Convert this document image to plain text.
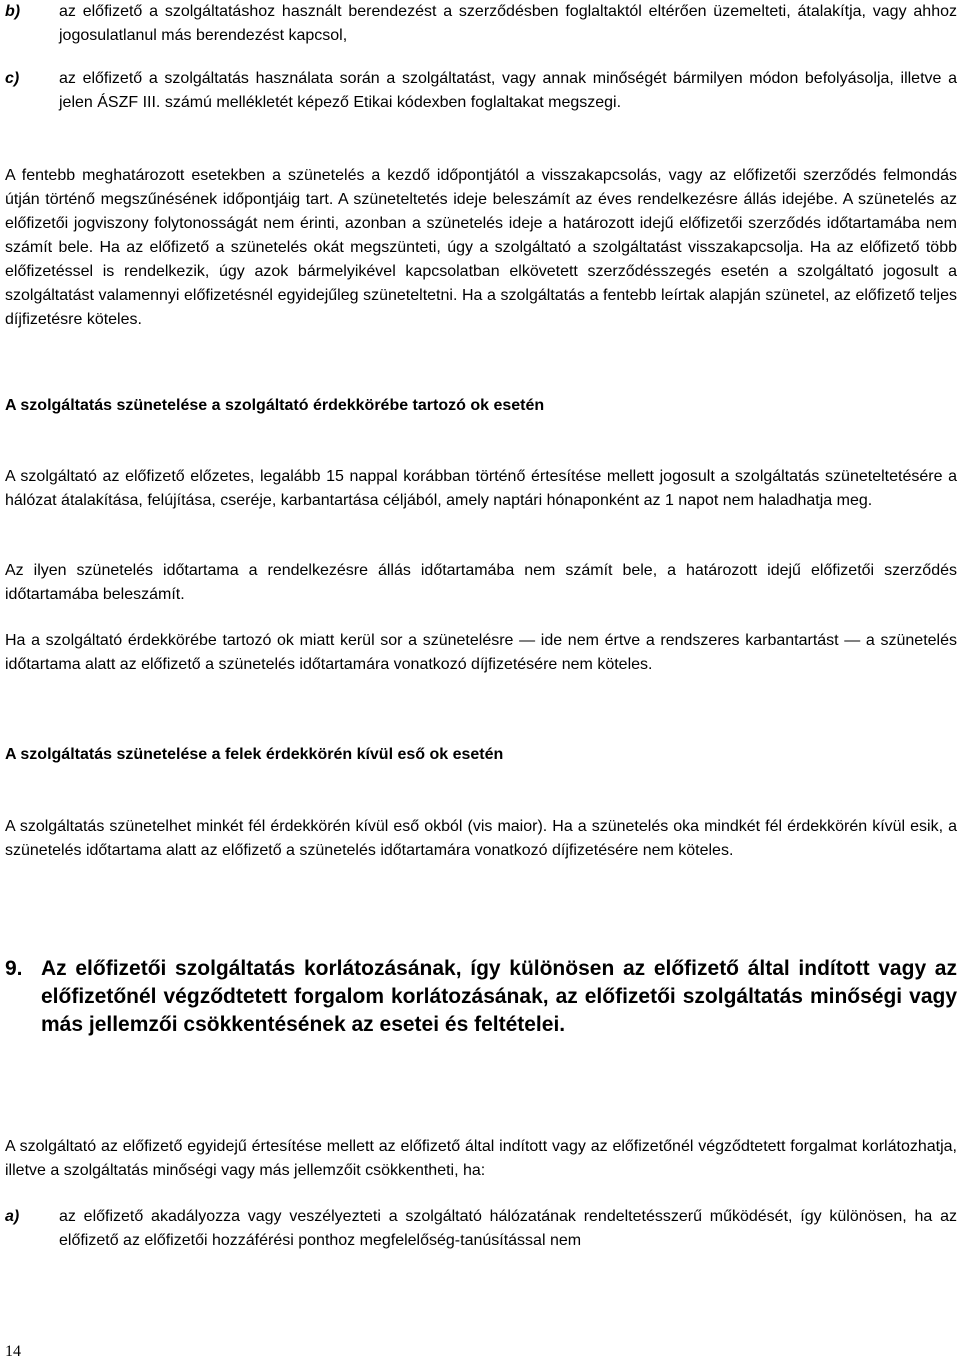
b) az előfizető a szolgáltatáshoz használt berendezést a szerződésben foglaltaktól eltérően üzemelteti, átalakítja, vagy ahhoz jogosulatlanul más berendezést kapcsol,
c) az előfizető a szolgáltatás használata során a szolgáltatást, vagy annak minőségét bármilyen módon befolyásolja, illetve a jelen ÁSZF III. számú mellékletét képező Etikai kódexben foglaltakat megszegi.
A fentebb meghatározott esetekben a szünetelés a kezdő időpontjától a visszakapcsolás, vagy az előfizetői szerződés felmondás útján történő megszűnésének időpontjáig tart. A szüneteltetés ideje beleszámít az éves rendelkezésre állás idejébe. A szünetelés az előfizetői jogviszony folytonosságát nem érinti, azonban a szünetelés ideje a határozott idejű előfizetői szerződés időtartamába nem számít bele. Ha az előfizető a szünetelés okát megszünteti, úgy a szolgáltató a szolgáltatást visszakapcsolja. Ha az előfizető több előfizetéssel is rendelkezik, úgy azok bármelyikével kapcsolatban elkövetett szerződésszegés esetén a szolgáltató jogosult a szolgáltatást valamennyi előfizetésnél egyidejűleg szüneteltetni. Ha a szolgáltatás a fentebb leírtak alapján szünetel, az előfizető teljes díjfizetésre köteles.
A szolgáltatás szünetelése a szolgáltató érdekkörébe tartozó ok esetén
A szolgáltató az előfizető előzetes, legalább 15 nappal korábban történő értesítése mellett jogosult a szolgáltatás szüneteltetésére a hálózat átalakítása, felújítása, cseréje, karbantartása céljából, amely naptári hónaponként az 1 napot nem haladhatja meg.
Az ilyen szünetelés időtartama a rendelkezésre állás időtartamába nem számít bele, a határozott idejű előfizetői szerződés időtartamába beleszámít.
Ha a szolgáltató érdekkörébe tartozó ok miatt kerül sor a szünetelésre — ide nem értve a rendszeres karbantartást — a szünetelés időtartama alatt az előfizető a szünetelés időtartamára vonatkozó díjfizetésére nem köteles.
A szolgáltatás szünetelése a felek érdekkörén kívül eső ok esetén
A szolgáltatás szünetelhet minkét fél érdekkörén kívül eső okból (vis maior). Ha a szünetelés oka mindkét fél érdekkörén kívül esik, a szünetelés időtartama alatt az előfizető a szünetelés időtartamára vonatkozó díjfizetésére nem köteles.
9. Az előfizetői szolgáltatás korlátozásának, így különösen az előfizető által indított vagy az előfizetőnél végződtetett forgalom korlátozásának, az előfizetői szolgáltatás minőségi vagy más jellemzői csökkentésének az esetei és feltételei.
A szolgáltató az előfizető egyidejű értesítése mellett az előfizető által indított vagy az előfizetőnél végződtetett forgalmat korlátozhatja, illetve a szolgáltatás minőségi vagy más jellemzőit csökkentheti, ha:
a) az előfizető akadályozza vagy veszélyezteti a szolgáltató hálózatának rendeltetésszerű működését, így különösen, ha az előfizető az előfizetői hozzáférési ponthoz megfelelőség-tanúsítással nem
14
